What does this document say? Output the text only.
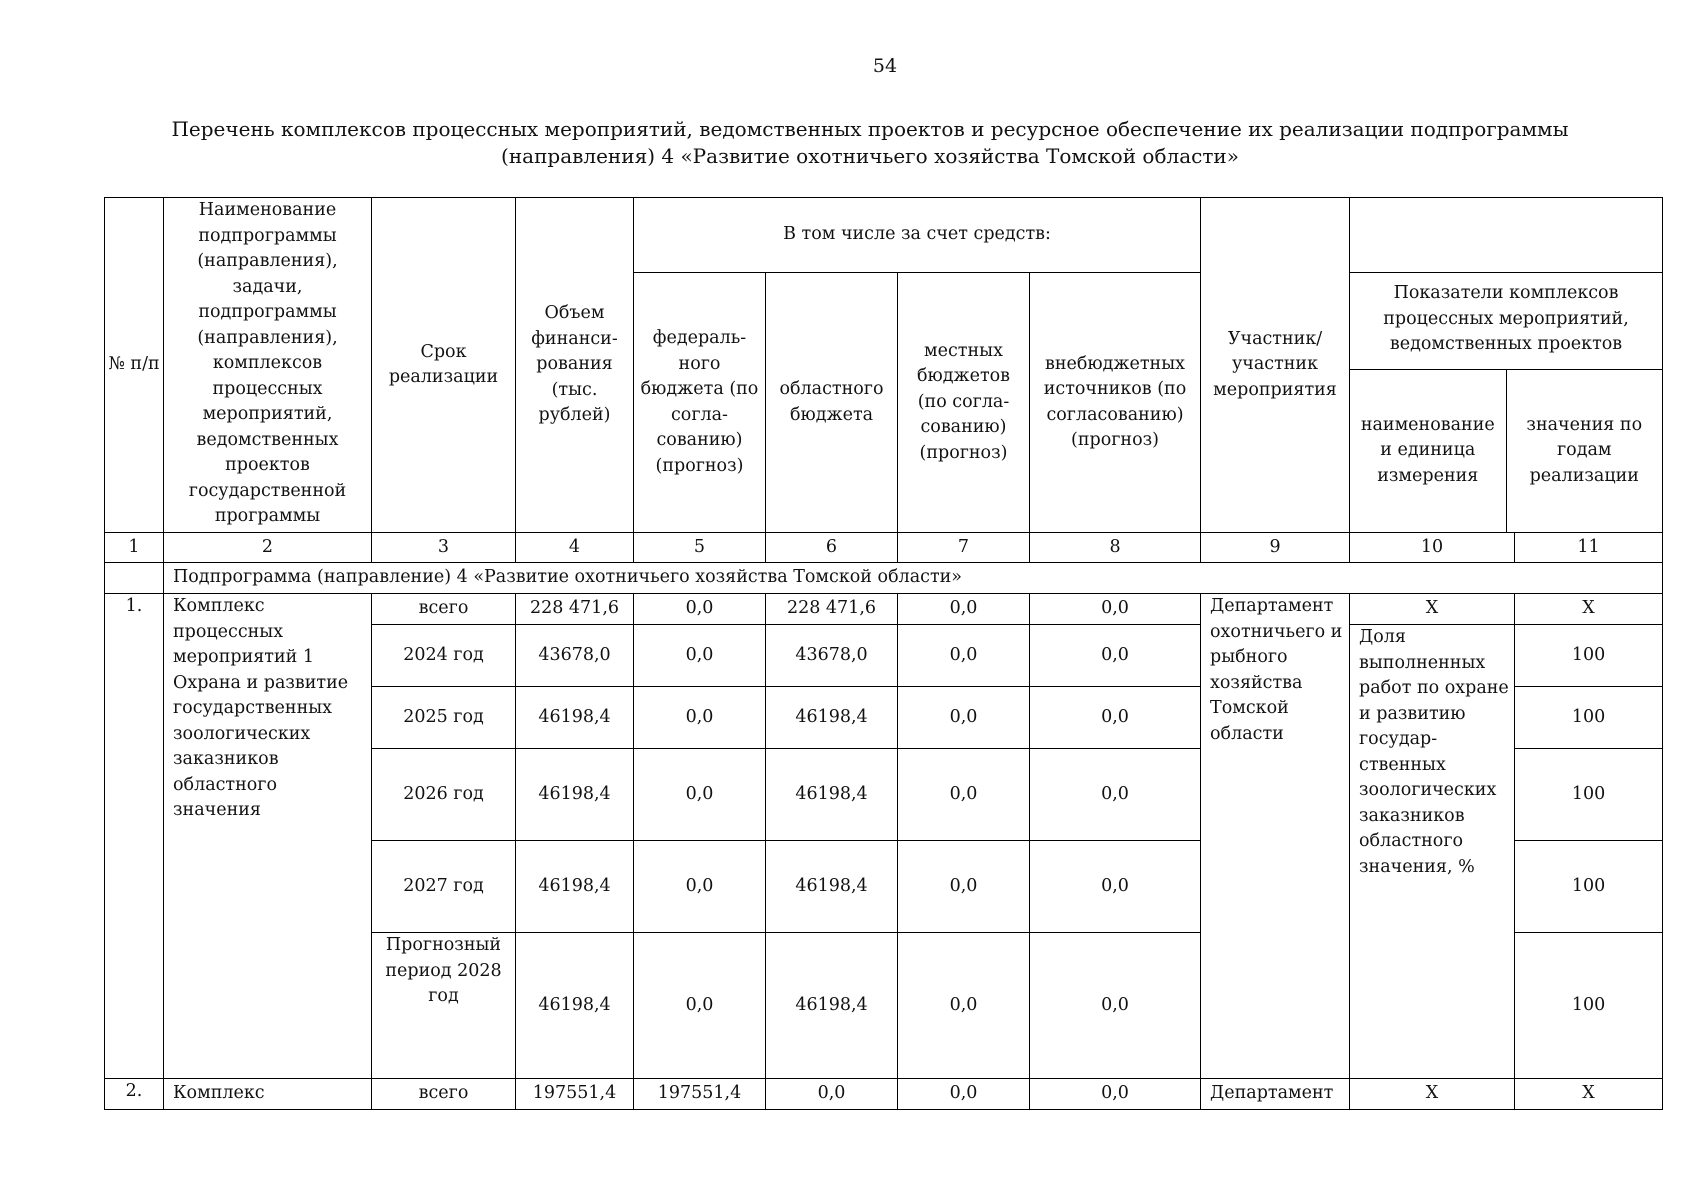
54
Перечень комплексов процессных мероприятий, ведомственных проектов и ресурсное обеспечение их реализации подпрограммы
(направления) 4 «Развитие охотничьего хозяйства Томской области»
№ п/п	Наименование подпрограммы (направления), задачи, подпрограммы (направления), комплексов процессных мероприятий, ведомственных проектов государственной программы	Срок реализации	Объем финанси-рования (тыс. рублей)	В том числе за счет средств:	Участник/ участник мероприятия	
федераль-ного бюджета (по согла-сованию) (прогноз)	областного бюджета	местных бюджетов (по согла-сованию) (прогноз)	внебюджетных источников (по согласованию) (прогноз)	
Показатели комплексов процессных мероприятий, ведомственных проектов
наименование и единица измерения	значения по годам реализации

1	2	3	4	5	6	7	8	9	10	11
	Подпрограмма (направление) 4 «Развитие охотничьего хозяйства Томской области»
1.	Комплекс процессных мероприятий 1 Охрана и развитие государственных зоологических заказников областного значения	всего	228 471,6	0,0	228 471,6	0,0	0,0	Департамент охотничьего и рыбного хозяйства Томской области	X	X
2024 год	43678,0	0,0	43678,0	0,0	0,0	Доля выполненных работ по охране и развитию государ-ственных зоологических заказников областного значения, %	100
2025 год	46198,4	0,0	46198,4	0,0	0,0	100
2026 год	46198,4	0,0	46198,4	0,0	0,0	100
2027 год	46198,4	0,0	46198,4	0,0	0,0	100
Прогнозный период 2028 год	46198,4	0,0	46198,4	0,0	0,0	100
2.	Комплекс	всего	197551,4	197551,4	0,0	0,0	0,0	Департамент	X	X
